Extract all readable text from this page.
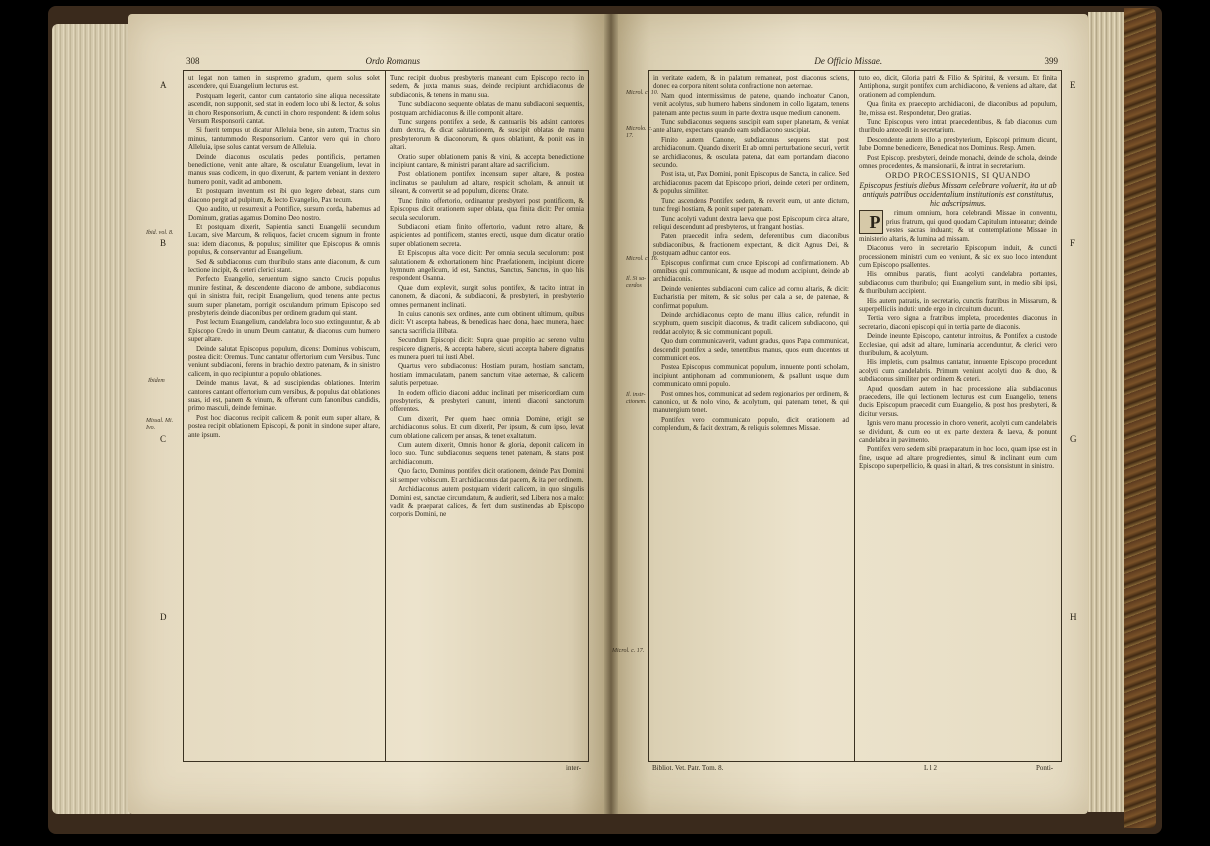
308	Ordo Romanus	De Officio Missae.	399

ut legat non tamen in suspremo gradum, quem solus solet ascendere, qui Euangelium lecturus est.

Postquam legerit, cantor cum cantatorio sine aliqua necessitate ascendit, non supponit, sed stat in eodem loco ubi & lector, & solus in choro Responsorium, & cuncti in choro respondent: & idem solus Versum Responsorii cantat.

Si fuerit tempus ut dicatur Alleluia bene, sin autem, Tractus sin minus, tantummodo Responsorium. Cantor vero qui in choro Alleluia, ipse solus cantat versum de Alleluia.

Deinde diaconus osculatis pedes pontificis, pertamen benedictione, venit ante altare, & osculatur Euangelium, levat in manus suas codicem, in quo dixerunt, & partem veniant in dextero humero ponit, vadit ad ambonem.

Et postquam inventum est ibi quo legere debeat, stans cum diacono pergit ad pulpitum, & lecto Evangelio, Pax tecum.

Quo audito, ut resurrexit a Pontifice, sursum corda, habemus ad Dominum, gratias agamus Domino Deo nostro.

Et postquam dixerit, Sapientia sancti Euangelii secundum Lucam, sive Marcum, & reliquos, faciet crucem signum in fronte sua: idem diaconus, & populus; similiter que Episcopus & omnis populus, & conservantur ad Euangelium.

Sed & subdiaconus cum thuribulo stans ante diaconum, & cum lectione incipit, & ceteri clerici stant.

Perfecto Euangelio, seruentum signo sancto Crucis populus munire festinat, & descendente diacono de ambone, subdiaconus qui in sinistra fuit, recipit Euangelium, quod tenens ante pectus suum super planetam, porrigit osculandum primum Episcopo sed presbyteris deinde diaconibus per ordinem gradum qui stant.

Post lectum Euangelium, candelabra loco suo extinguuntur, & ab Episcopo Credo in unum Deum cantatur, & diaconus cum humero super altare.

Deinde salutat Episcopus populum, dicens: Dominus vobiscum, postea dicit: Oremus. Tunc cantatur offertorium cum Versibus. Tunc veniunt subdiaconi, ferens in brachio dextro patenam, & in sinistro calicem, in quo recipiuntur a populo oblationes.

Deinde manus lavat, & ad suscipiendas oblationes. Interim cantores cantant offertorium cum versibus, & populus dat oblationes suas, id est, panem & vinum, & offerunt cum fanonibus candidis, primo masculi, deinde feminae.

Post hoc diaconus recipit calicem & ponit eum super altare, & postea recipit oblationem Episcopi, & ponit in sindone super altare, ante ipsum.

Tunc recipit duobus presbyteris maneant cum Episcopo recto in sedem, & juxta manus suas, deinde recipiunt archidiaconus de subdiaconis, & tenens in manu sua.

Tunc subdiacono sequente oblatas de manu subdiaconi sequentis, postquam archidiaconus & ille componit altare.

Tunc surgens pontifex a sede, & cantuariis bis adsint cantores dum dextra, & dicat salutationem, & suscipit oblatas de manu presbyterorum & diaconorum, & quos oblatiunt, & ponit eas in altari.

Oratio super oblationem panis & vini, & accepta benedictione incipiunt cantare, & ministri parant altare ad sacrificium.

Post oblationem pontifex incensum super altare, & postea inclinatus se paululum ad altare, respicit scholam, & annuit ut sileant, & convertit se ad populum, dicens: Orate.

Tunc finito offertorio, ordinantur presbyteri post pontificem, & Episcopus dicit orationem super oblata, qua finita dicit: Per omnia secula seculorum.

Subdiaconi etiam finito offertorio, vadunt retro altare, & aspicientes ad pontificem, stantes erecti, usque dum dicatur oratio super oblationem secreta.

Et Episcopus alta voce dicit: Per omnia secula seculorum: post salutationem & exhortationem hinc Praefationem, incipiunt dicere hymnum angelicum, id est, Sanctus, Sanctus, Sanctus, in quo his respondent Osanna.

Quae dum explevit, surgit solus pontifex, & tacito intrat in canonem, & diaconi, & subdiaconi, & presbyteri, in presbyterio omnes permanent inclinati.

In cuius canonis sex ordines, ante cum obtinent ultimum, quibus dicit: Vt ascepta habeas, & benedicas haec dona, haec munera, haec sancta sacrificia illibata.

Secundum Episcopi dicit: Supra quae propitio ac sereno vultu respicere digneris, & accepta habere, sicuti accepta habere dignatus es munera pueri tui iusti Abel.

Quartus vero subdiaconus: Hostiam puram, hostiam sanctam, hostiam immaculatam, panem sanctum vitae aeternae, & calicem salutis perpetuae.

In eodem officio diaconi adduc inclinati per misericordiam cum presbyteris, & presbyteri canunt, intenti diaconi sanctorum offerentes.

Cum dixerit, Per quem haec omnia Domine, erigit se archidiaconus solus. Et cum dixerit, Per ipsum, & cum ipso, levat cum oblatione calicem per ansas, & tenet exaltatum.

Cum autem dixerit, Omnis honor & gloria, deponit calicem in loco suo. Tunc subdiaconus sequens tenet patenam, & stans post archidiaconum.

Quo facto, Dominus pontifex dicit orationem, deinde Pax Domini sit semper vobiscum. Et archidiaconus dat pacem, & ita per ordinem.

Archidiaconus autem postquam viderit calicem, in quo singulis Domini est, sanctae circumdatum, & audierit, sed Libera nos a malo: vadit & praeparat calices, & fert dum sustinendas ab Episcopo corporis Domini, ne

A
B
C
D
Ibid. vol. 8.
Ibidem
Missal. Mi. Ivo.
inter-

in veritate eadem, & in palatum remaneat, post diaconus sciens, donec ea corpora nitent soluta confractione non aeternae.

Nam quod intermissimus de patene, quando inchoatur Canon, venit acolytus, sub humero habens sindonem in collo ligatam, tenens patenam ante pectus suum in parte dextra usque medium canonem.

Tunc subdiaconus sequens suscipit eam super planetam, & veniat ante altare, expectans quando eam subdiacono suscipiat.

Finito autem Canone, subdiaconus sequens stat post archidiaconum. Quando dixerit Et ab omni perturbatione securi, vertit se archidiaconus, & osculata patena, dat eam portandam diacono secundo.

Post ista, ut, Pax Domini, ponit Episcopus de Sancta, in calice. Sed archidiaconus pacem dat Episcopo priori, deinde ceteri per ordinem, & populus similiter.

Tunc ascendens Pontifex sedem, & reverit eum, ut ante dictum, tunc fregi hostiam, & ponit super patenam.

Tunc acolyti vadunt dextra laeva que post Episcopum circa altare, reliqui descendunt ad presbyteros, ut frangant hostias.

Paten praecedit infra sedem, deferentibus cum diaconibus subdiaconibus, & fractionem expectant, & dicit Agnus Dei, & postquam adhuc cantor eos.

Episcopus confirmat cum cruce Episcopi ad confirmationem. Ab omnibus qui communicant, & usque ad modum accipiunt, deinde ab archidiaconis.

Deinde venientes subdiaconi cum calice ad cornu altaris, & dicit: Eucharistia per mitem, & sic solus per cala a se, de patenae, & confirmat populum.

Deinde archidiaconus cepto de manu illius calice, refundit in scyphum, quem suscipit diaconus, & tradit calicem subdiacono, qui reddat acolyto; & sic communicant populi.

Quo dum communicaverit, vadunt gradus, quos Papa communicat, descendit pontifex a sede, tenentibus manus, quos eum ducentes ut communicet eos.

Postea Episcopus communicat populum, innuente ponti scholam, incipiunt antiphonam ad communionem, & psallunt usque dum communicato omni populo.

Post omnes hos, communicat ad sedem regionarios per ordinem, & canonico, ut & nolo vino, & acolytum, qui patenam tenet, & qui manutergium tenet.

Pontifex vero communicato populo, dicit orationem ad complendum, & facit dextram, & reliquis solemnes Missae.

tuto eo, dicit, Gloria patri & Filio & Spiritui, & versum. Et finita Antiphona, surgit pontifex cum archidiacono, & veniens ad altare, dat orationem ad complendum.

Qua finita ex praecepto archidiaconi, de diaconibus ad populum, Ite, missa est. Respondetur, Deo gratias.

Tunc Episcopus vero intrat praecedentibus, & fab diaconus cum thuribulo antecedit in secretarium.

Descendente autem illo a presbyterium, Episcopi primum dicunt, Iube Domne benedicere, Benedicat nos Dominus. Resp. Amen.

Post Episcop. presbyteri, deinde monachi, deinde de schola, deinde omnes procedentes, & mansionarii, & intrat in secretarium.

ORDO PROCESSIONIS, SI QUANDO

Episcopus festiuis diebus Missam celebrare voluerit, ita ut ab antiquis patribus occidentalium institutionis est constitutus, hic adscripsimus.

P	rimum omnium, hora celebrandi Missae in conventu, prius fratrum, qui quod quodam Capitulum intueatur; deinde vestes sacras induant; & ut contemplatione Missae in ministerio altaris, & lumina ad missam.

Diaconus vero in secretario Episcopum induit, & cuncti processionem ministri cum eo veniunt, & sic ex suo loco intendunt cum Episcopo psallentes.

His omnibus paratis, fiunt acolyti candelabra portantes, subdiaconus cum thuribulo; qui Euangelium sunt, in medio sibi ipsi, & thuribulum accipient.

His autem patratis, in secretario, cunctis fratribus in Missarum, & superpelliciis induti: unde ergo in circuitum ducunt.

Tertia vero signa a fratribus impleta, procedentes diaconus in secretario, diaconi episcopi qui in tertia parte de diaconis.

Deinde ineunte Episcopo, cantetur introitus, & Pontifex a custode Ecclesiae, qui adsit ad altare, luminaria accenduntur, & clerici vero thuribulum, & acolytum.

His impletis, cum psalmus cantatur, innuente Episcopo procedunt acolyti cum candelabris. Primum veniunt acolyti duo & duo, & subdiaconus similiter per ordinem & ceteri.

Apud quosdam autem in hac processione alia subdiaconus praecedens, ille qui lectionem lecturus est cum Euangelio, tenens ducis Episcopum praecedit cum Euangelio, & post hos presbyteri, & dicitur versus.

Ignis vero manu processio in choro venerit, acolyti cum candelabris se dividunt, & cum eo ut ex parte dextera & laeva, & ponunt candelabra in pavimento.

Pontifex vero sedem sibi praeparatum in hoc loco, quam ipse est in fine, usque ad altare progredientes, simul & inclinant eum cum Episcopo superpellicio, & quasi in altari, & tres consistunt in sinistro.

E
F
G
H
Microl. c. 10.
Microlo. c. 17.
Microl. c. 16.
Il. Si sa- cerdos
Il. instr- ctionem.
Microl. c. 17.
Bibliot. Vet. Patr. Tom. 8.	L l 2	Ponti-
